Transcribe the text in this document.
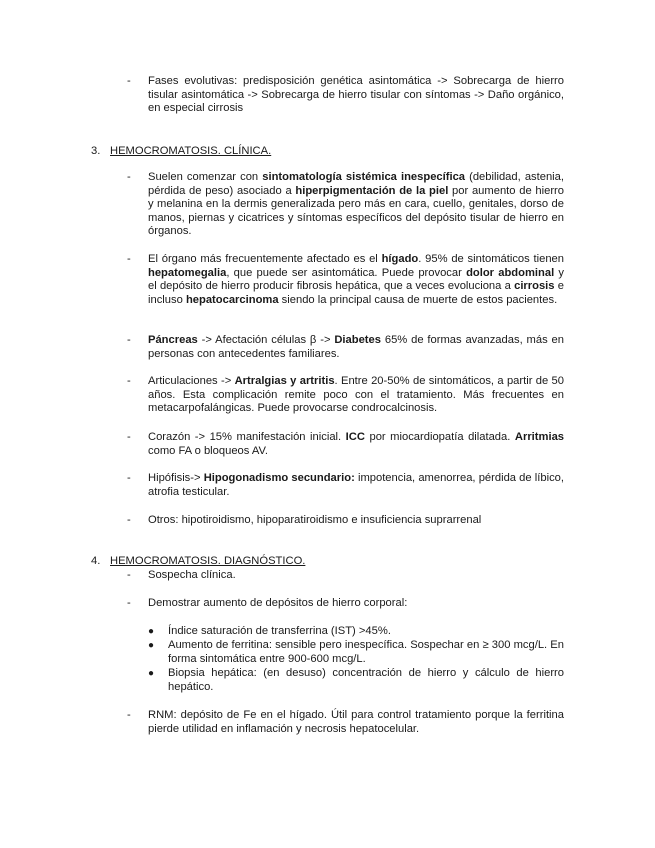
- Fases evolutivas: predisposición genética asintomática -> Sobrecarga de hierro tisular asintomática -> Sobrecarga de hierro tisular con síntomas -> Daño orgánico, en especial cirrosis
3. HEMOCROMATOSIS. CLÍNICA.
- Suelen comenzar con sintomatología sistémica inespecífica (debilidad, astenia, pérdida de peso) asociado a hiperpigmentación de la piel por aumento de hierro y melanina en la dermis generalizada pero más en cara, cuello, genitales, dorso de manos, piernas y cicatrices y síntomas específicos del depósito tisular de hierro en órganos.
- El órgano más frecuentemente afectado es el hígado. 95% de sintomáticos tienen hepatomegalia, que puede ser asintomática. Puede provocar dolor abdominal y el depósito de hierro producir fibrosis hepática, que a veces evoluciona a cirrosis e incluso hepatocarcinoma siendo la principal causa de muerte de estos pacientes.
- Páncreas -> Afectación células β -> Diabetes 65% de formas avanzadas, más en personas con antecedentes familiares.
- Articulaciones -> Artralgias y artritis. Entre 20-50% de sintomáticos, a partir de 50 años. Esta complicación remite poco con el tratamiento. Más frecuentes en metacarpofalángicas. Puede provocarse condrocalcinosis.
- Corazón -> 15% manifestación inicial. ICC por miocardiopatía dilatada. Arritmias como FA o bloqueos AV.
- Hipófisis-> Hipogonadismo secundario: impotencia, amenorrea, pérdida de líbico, atrofia testicular.
- Otros: hipotiroidismo, hipoparatiroidismo e insuficiencia suprarrenal
4. HEMOCROMATOSIS. DIAGNÓSTICO.
- Sospecha clínica.
- Demostrar aumento de depósitos de hierro corporal:
● Índice saturación de transferrina (IST) >45%.
● Aumento de ferritina: sensible pero inespecífica. Sospechar en ≥ 300 mcg/L. En forma sintomática entre 900-600 mcg/L.
● Biopsia hepática: (en desuso) concentración de hierro y cálculo de hierro hepático.
- RNM: depósito de Fe en el hígado. Útil para control tratamiento porque la ferritina pierde utilidad en inflamación y necrosis hepatocelular.
